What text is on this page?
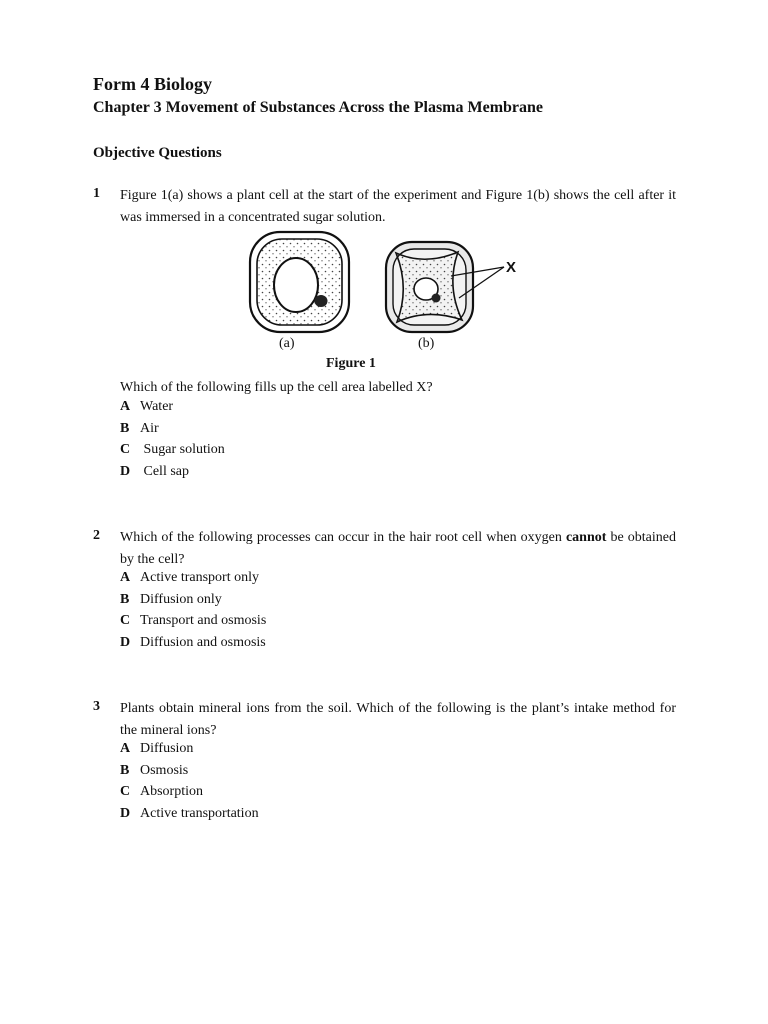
Form 4 Biology
Chapter 3 Movement of Substances Across the Plasma Membrane
Objective Questions
1 Figure 1(a) shows a plant cell at the start of the experiment and Figure 1(b) shows the cell after it was immersed in a concentrated sugar solution.
X
(a)	(b)
Figure 1
Which of the following fills up the cell area labelled X?
A Water
B Air
C Sugar solution
D Cell sap
2 Which of the following processes can occur in the hair root cell when oxygen cannot be obtained by the cell?
A Active transport only
B Diffusion only
C Transport and osmosis
D Diffusion and osmosis
3 Plants obtain mineral ions from the soil. Which of the following is the plant’s intake method for the mineral ions?
A Diffusion
B Osmosis
C Absorption
D Active transportation
